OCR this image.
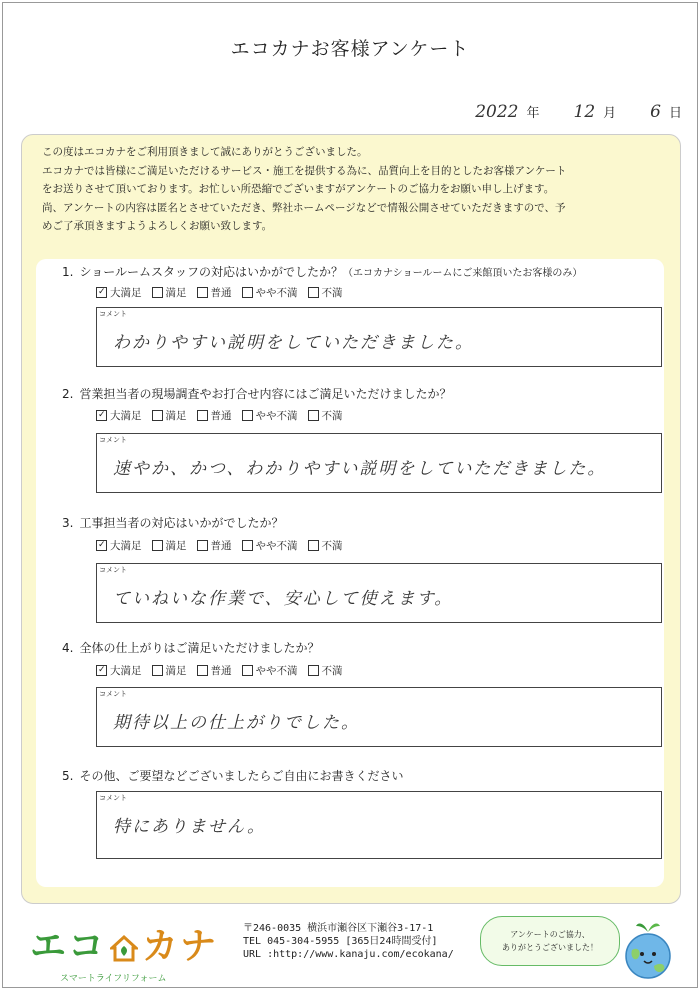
エコカナお客様アンケート
2022 年 12 月 6 日
この度はエコカナをご利用頂きまして誠にありがとうございました。
エコカナでは皆様にご満足いただけるサービス・施工を提供する為に、品質向上を目的としたお客様アンケート
をお送りさせて頂いております。お忙しい所恐縮でございますがアンケートのご協力をお願い申し上げます。
尚、アンケートの内容は匿名とさせていただき、弊社ホームページなどで情報公開させていただきますので、予
めご了承頂きますようよろしくお願い致します。
1. ショールームスタッフの対応はいかがでしたか？（エコカナショールームにご来館頂いたお客様のみ）
✓
大満足 満足 普通 やや不満 不満
コメント
わかりやすい説明をしていただきました。
2. 営業担当者の現場調査やお打合せ内容にはご満足いただけましたか？
✓
大満足 満足 普通 やや不満 不満
コメント
速やか、かつ、わかりやすい説明をしていただきました。
3. 工事担当者の対応はいかがでしたか？
✓
大満足 満足 普通 やや不満 不満
コメント
ていねいな作業で、安心して使えます。
4. 全体の仕上がりはご満足いただけましたか？
✓
大満足 満足 普通 やや不満 不満
コメント
期待以上の仕上がりでした。
5. その他、ご要望などございましたらご自由にお書きください
コメント
特にありません。
エコ カナ
スマートライフリフォーム
〒246-0035 横浜市瀬谷区下瀬谷3-17-1
TEL 045-304-5955 [365日24時間受付]
URL :http://www.kanaju.com/ecokana/
アンケートのご協力、
ありがとうございました！
